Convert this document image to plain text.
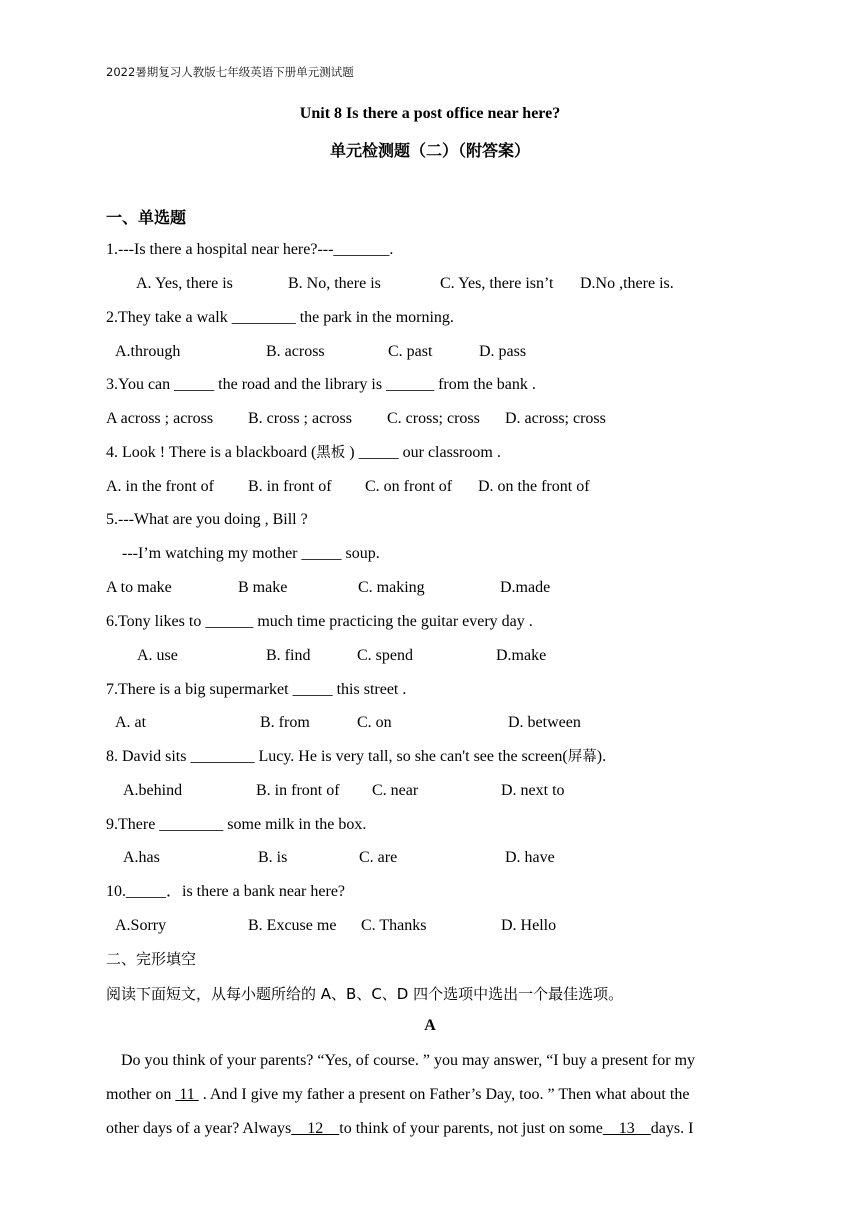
2022暑期复习人教版七年级英语下册单元测试题
Unit 8 Is there a post office near here?
单元检测题（二）（附答案）
一、单选题
1.---Is there a hospital near here?---_______.
A. Yes, there is	B. No, there is	C. Yes, there isn’t D.No ,there is.
2.They take a walk ________ the park in the morning.
A.through	B. across	C. past	D. pass
3.You can _____ the road and the library is ______ from the bank .
A across ; across B. cross ; across C. cross; cross D. across; cross
4. Look ! There is a blackboard (黑板 ) _____ our classroom .
A. in the front of B. in front of C. on front of D. on the front of
5.---What are you doing , Bill ?
---I’m watching my mother _____ soup.
A to make	B make	C. making	D.made
6.Tony likes to ______ much time practicing the guitar every day .
A. use	B. find	C. spend	D.make
7.There is a big supermarket _____ this street .
A. at	B. from	C. on	D. between
8. David sits ________ Lucy. He is very tall, so she can't see the screen(屏幕).
A.behind	B. in front of C. near	D. next to
9.There ________ some milk in the box.
A.has	B. is	C. are	D. have
10._____．is there a bank near here?
A.Sorry	B. Excuse me C. Thanks	D. Hello
二、完形填空
阅读下面短文，从每小题所给的 A、B、C、D 四个选项中选出一个最佳选项。
A
Do you think of your parents? “Yes, of course. ” you may answer, “I buy a present for my
mother on  11  . And I give my father a present on Father’s Day, too. ” Then what about the
other days of a year? Always    12    to think of your parents, not just on some    13    days. I
